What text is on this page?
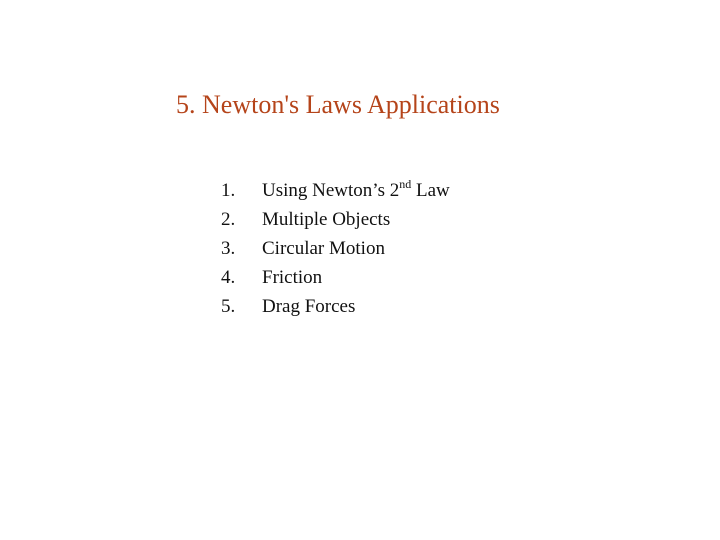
5. Newton's Laws Applications
1. Using Newton’s 2nd Law
2. Multiple Objects
3. Circular Motion
4. Friction
5. Drag Forces
